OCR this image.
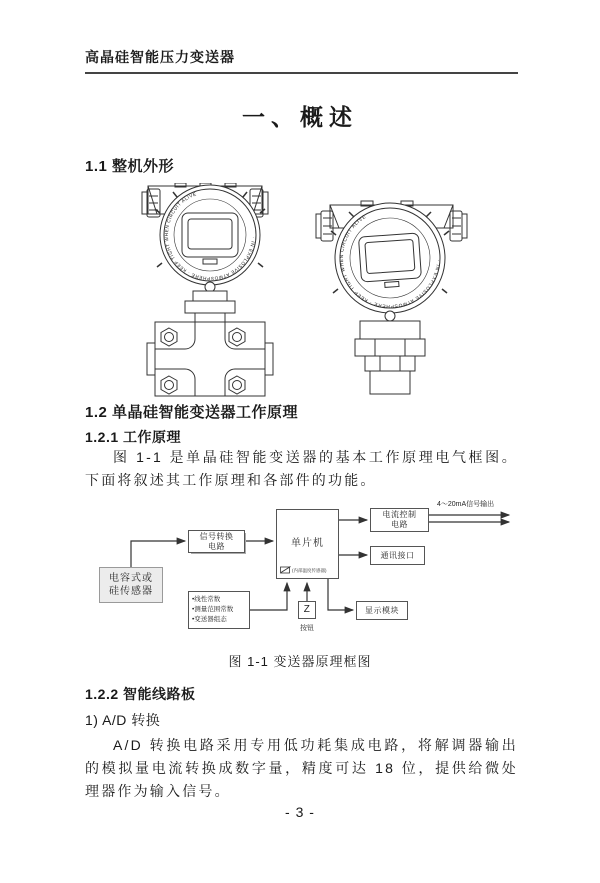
高晶硅智能压力变送器
一、概述
1.1 整机外形
· IN EXPLOSIVE ATMOSPHERE · KEEP TIGHT WHEN CIRCUIT ALIVE
· IN EXPLOSIVE ATMOSPHERE · KEEP TIGHT WHEN CIRCUIT ALIVE
1.2 单晶硅智能变送器工作原理
1.2.1 工作原理
图 1-1 是单晶硅智能变送器的基本工作原理电气框图。下面将叙述其工作原理和各部件的功能。
电容式或
硅传感器
信号转换
电路	单片机
(内部温度传感器)
电流控制
电路
4～20mA信号输出
通讯接口
•线性常数
•测量范围常数
•变送器组态
Z
按钮
显示模块
图 1-1 变送器原理框图
1.2.2 智能线路板
1) A/D 转换
A/D 转换电路采用专用低功耗集成电路，将解调器输出的模拟量电流转换成数字量，精度可达 18 位，提供给微处理器作为输入信号。
- 3 -
